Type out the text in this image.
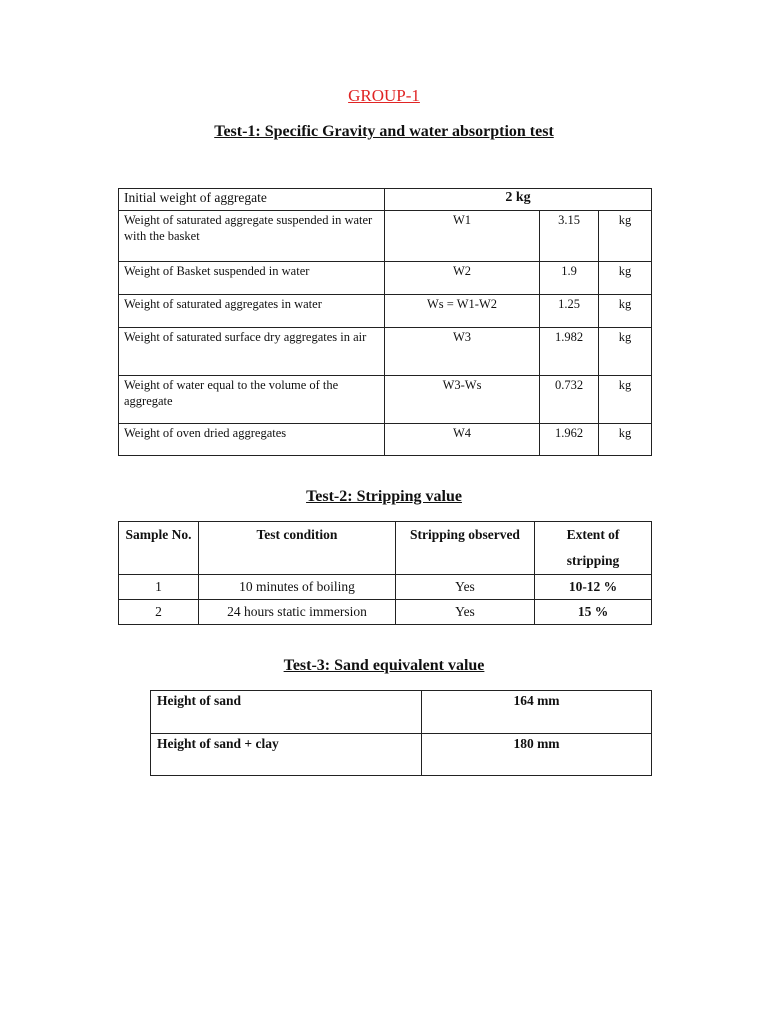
GROUP-1
Test-1: Specific Gravity and water absorption test
Initial weight of aggregate	2 kg		
Weight of saturated aggregate suspended in water with the basket	W1	3.15	kg
Weight of Basket suspended in water	W2	1.9	kg
Weight of saturated aggregates in water	Ws = W1-W2	1.25	kg
Weight of saturated surface dry aggregates in air	W3	1.982	kg
Weight of water equal to the volume of the aggregate	W3-Ws	0.732	kg
Weight of oven dried aggregates	W4	1.962	kg
Test-2: Stripping value
Sample No.	Test condition	Stripping observed	Extent of stripping
1	10 minutes of boiling	Yes	10-12 %
2	24 hours static immersion	Yes	15 %
Test-3: Sand equivalent value
Height of sand	164 mm
Height of sand + clay	180 mm
